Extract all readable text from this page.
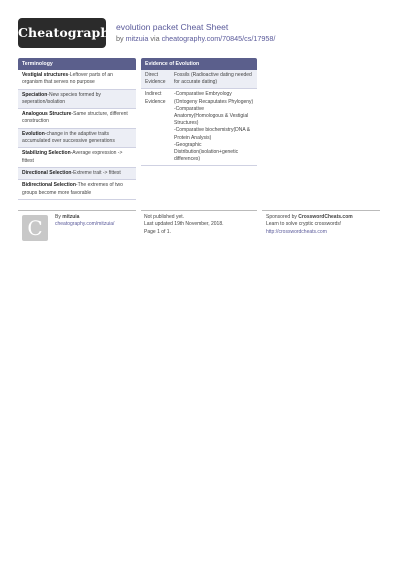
Cheatography evolution packet Cheat Sheet
by mitzuia via cheatography.com/70845/cs/17958/
Terminology
Vestigial structures-Leftover parts of an organism that serves no purpose
Speciation-New species formed by seperation/isolation
Analogous Structure-Same structure, different construction
Evolution-change in the adaptive traits accumulated over successive generations
Stabilizing Selection-Average expression -> fittest
Directional Selection-Extreme trait -> fittest
Bidirectional Selection-The extremes of two groups become more favorable
Evidence of Evolution
Direct Evidence
Fossils (Radioactive dating needed for accurate dating)
Indirect Evidence
-Comparative Embryology (Ontogeny Recaputates Phylogeny)
-Comparative Anatomy(Homologous & Vestigial Structures)
-Comparative biochemistry(DNA & Protein Analysis)
-Geographic Distribution(isolation+genetic differences)
C	By mitzuia
cheatography.com/mitzuia/
Not published yet.
Last updated 19th November, 2018.
Page 1 of 1.
Sponsored by CrosswordCheats.com
Learn to solve cryptic crosswords!
http://crosswordcheats.com
